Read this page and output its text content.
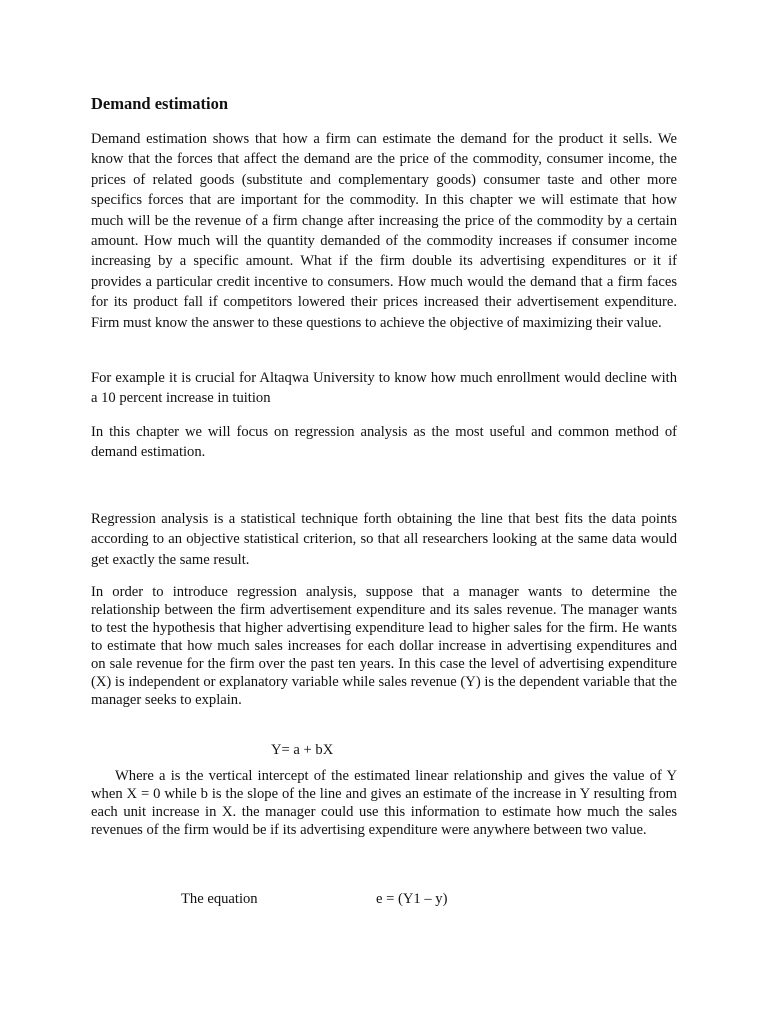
Demand estimation

Demand estimation shows that how a firm can estimate the demand for the product it sells. We know that the forces that affect the demand are the price of the commodity, consumer income, the prices of related goods (substitute and complementary goods) consumer taste and other more specifics forces that are important for the commodity. In this chapter we will estimate that how much will be the revenue of a firm change after increasing the price of the commodity by a certain amount. How much will the quantity demanded of the commodity increases if consumer income increasing by a specific amount. What if the firm double its advertising expenditures or it if provides a particular credit incentive to consumers. How much would the demand that a firm faces for its product fall if competitors lowered their prices increased their advertisement expenditure. Firm must know the answer to these questions to achieve the objective of maximizing their value.

For example it is crucial for Altaqwa University to know how much enrollment would decline with a 10 percent increase in tuition

In this chapter we will focus on regression analysis as the most useful and common method of demand estimation.

Regression analysis is a statistical technique forth obtaining the line that best fits the data points according to an objective statistical criterion, so that all researchers looking at the same data would get exactly the same result.

In order to introduce regression analysis, suppose that a manager wants to determine the relationship between the firm advertisement expenditure and its sales revenue. The manager wants to test the hypothesis that higher advertising expenditure lead to higher sales for the firm. He wants to estimate that how much sales increases for each dollar increase in advertising expenditures and on sale revenue for the firm over the past ten years. In this case the level of advertising expenditure (X) is independent or explanatory variable while sales revenue (Y) is the dependent variable that the manager seeks to explain.

Y= a + bX

Where a is the vertical intercept of the estimated linear relationship and gives the value of Y when X = 0 while b is the slope of the line and gives an estimate of the increase in Y resulting from each unit increase in X. the manager could use this information to estimate how much the sales revenues of the firm would be if its advertising expenditure were anywhere between two value.

The equation	e = (Y1 – y)
